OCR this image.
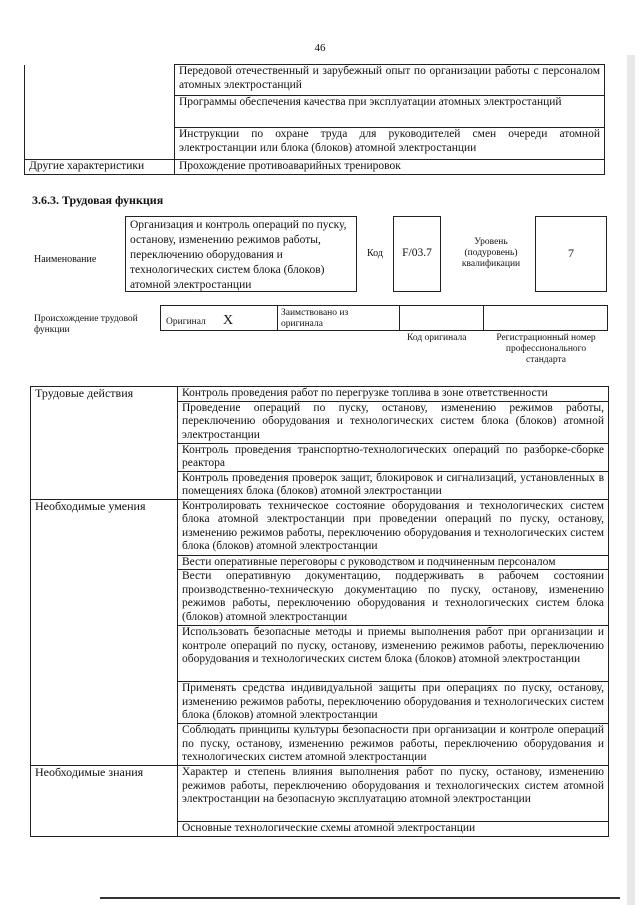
46
	Передовой отечественный и зарубежный опыт по организации работы с персоналом атомных электростанций
	Программы обеспечения качества при эксплуатации атомных электростанций
	Инструкции по охране труда для руководителей смен очереди атомной электростанции или блока (блоков) атомной электростанции
Другие характеристики	Прохождение противоаварийных тренировок
3.6.3. Трудовая функция
Наименование
Организация и контроль операций по пуску, останову, изменению режимов работы, переключению оборудования и технологических систем блока (блоков) атомной электростанции
Код	F/03.7
Уровень (подуровень) квалификации
7
Происхождение трудовой функции
Оригинал X	Заимствовано из оригинала
Код оригинала	Регистрационный номер профессионального стандарта
Трудовые действия	Контроль проведения работ по перегрузке топлива в зоне ответственности
	Проведение операций по пуску, останову, изменению режимов работы, переключению оборудования и технологических систем блока (блоков) атомной электростанции
	Контроль проведения транспортно-технологических операций по разборке-сборке реактора
	Контроль проведения проверок защит, блокировок и сигнализаций, установленных в помещениях блока (блоков) атомной электростанции
Необходимые умения	Контролировать техническое состояние оборудования и технологических систем блока атомной электростанции при проведении операций по пуску, останову, изменению режимов работы, переключению оборудования и технологических систем блока (блоков) атомной электростанции
	Вести оперативные переговоры с руководством и подчиненным персоналом
	Вести оперативную документацию, поддерживать в рабочем состоянии производственно-техническую документацию по пуску, останову, изменению режимов работы, переключению оборудования и технологических систем блока (блоков) атомной электростанции
	Использовать безопасные методы и приемы выполнения работ при организации и контроле операций по пуску, останову, изменению режимов работы, переключению оборудования и технологических систем блока (блоков) атомной электростанции
	Применять средства индивидуальной защиты при операциях по пуску, останову, изменению режимов работы, переключению оборудования и технологических систем блока (блоков) атомной электростанции
	Соблюдать принципы культуры безопасности при организации и контроле операций по пуску, останову, изменению режимов работы, переключению оборудования и технологических систем атомной электростанции
Необходимые знания	Характер и степень влияния выполнения работ по пуску, останову, изменению режимов работы, переключению оборудования и технологических систем атомной электростанции на безопасную эксплуатацию атомной электростанции
	Основные технологические схемы атомной электростанции
